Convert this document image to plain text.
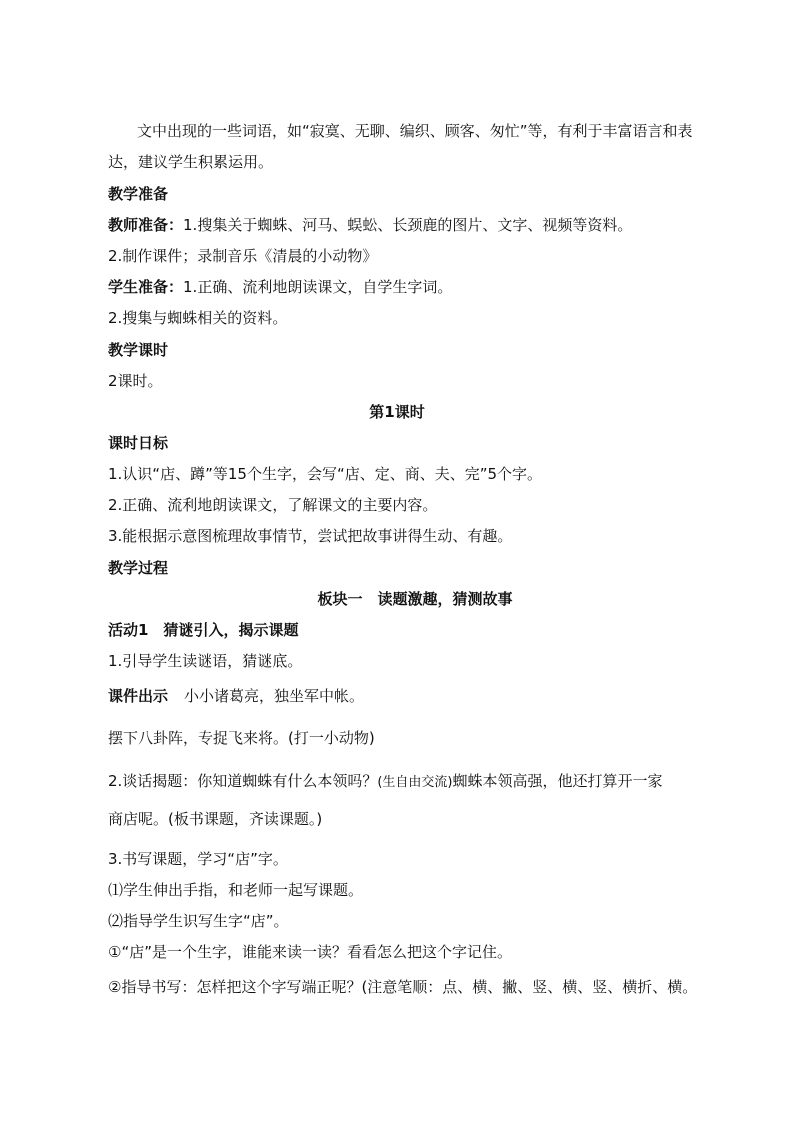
文中出现的一些词语，如“寂寞、无聊、编织、顾客、匆忙”等，有利于丰富语言和表
达，建议学生积累运用。
教学准备
教师准备：1.搜集关于蜘蛛、河马、蜈蚣、长颈鹿的图片、文字、视频等资料。
2.制作课件；录制音乐《清晨的小动物》
学生准备：1.正确、流利地朗读课文，自学生字词。
2.搜集与蜘蛛相关的资料。
教学课时
2课时。
第1课时
课时日标
1.认识“店、蹲”等15个生字，会写“店、定、商、夫、完”5个字。
2.正确、流利地朗读课文，了解课文的主要内容。
3.能根据示意图梳理故事情节，尝试把故事讲得生动、有趣。
教学过程
板块一　读题激趣，猜测故事
活动1　猜谜引入，揭示课题
1.引导学生读谜语，猜谜底。
课件出示 小小诸葛亮，独坐军中帐。
摆下八卦阵，专捉飞来将。(打一小动物)
2.谈话揭题：你知道蜘蛛有什么本领吗？(生自由交流)蜘蛛本领高强，他还打算开一家
商店呢。(板书课题，齐读课题。)
3.书写课题，学习“店”字。
⑴学生伸出手指，和老师一起写课题。
⑵指导学生识写生字“店”。
①“店”是一个生字，谁能来读一读？看看怎么把这个字记住。
②指导书写：怎样把这个字写端正呢？(注意笔顺：点、横、撇、竖、横、竖、横折、横。
